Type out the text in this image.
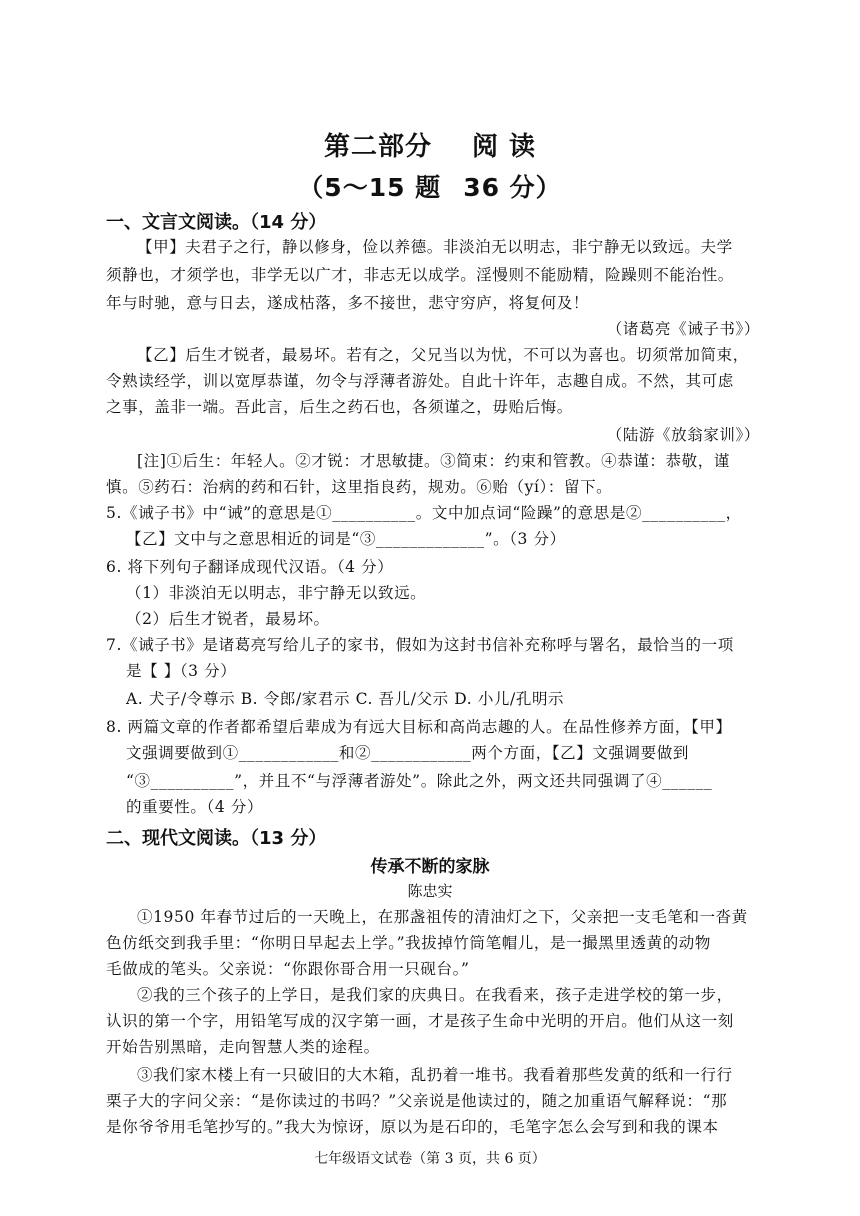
第二部分 阅 读
（5～15 题 36 分）
一、文言文阅读。（14 分）
【甲】夫君子之行，静以修身，俭以养德。非淡泊无以明志，非宁静无以致远。夫学
须静也，才须学也，非学无以广才，非志无以成学。淫慢则不能励精，险躁则不能治性。
年与时驰，意与日去，遂成枯落，多不接世，悲守穷庐，将复何及！
（诸葛亮《诫子书》）
【乙】后生才锐者，最易坏。若有之，父兄当以为忧，不可以为喜也。切须常加简束，
令熟读经学，训以宽厚恭谨，勿令与浮薄者游处。自此十许年，志趣自成。不然，其可虑
之事，盖非一端。吾此言，后生之药石也，各须谨之，毋贻后悔。
（陆游《放翁家训》）
[注]①后生：年轻人。②才锐：才思敏捷。③简束：约束和管教。④恭谨：恭敬，谨
慎。⑤药石：治病的药和石针，这里指良药，规劝。⑥贻（yí）：留下。
5.《诫子书》中“诫”的意思是①__________。文中加点词“险躁”的意思是②__________，
【乙】文中与之意思相近的词是“③_____________”。（3 分）
6. 将下列句子翻译成现代汉语。（4 分）
（1）非淡泊无以明志，非宁静无以致远。
（2）后生才锐者，最易坏。
7.《诫子书》是诸葛亮写给儿子的家书，假如为这封书信补充称呼与署名，最恰当的一项
是【 】（3 分）
A. 犬子/令尊示 B. 令郎/家君示 C. 吾儿/父示 D. 小儿/孔明示
8. 两篇文章的作者都希望后辈成为有远大目标和高尚志趣的人。在品性修养方面，【甲】
文强调要做到①____________和②____________两个方面，【乙】文强调要做到
“③__________”，并且不“与浮薄者游处”。除此之外，两文还共同强调了④______
的重要性。（4 分）
二、现代文阅读。（13 分）
传承不断的家脉
陈忠实
①1950 年春节过后的一天晚上，在那盏祖传的清油灯之下，父亲把一支毛笔和一沓黄
色仿纸交到我手里：“你明日早起去上学。”我拔掉竹筒笔帽儿，是一撮黑里透黄的动物
毛做成的笔头。父亲说：“你跟你哥合用一只砚台。”
②我的三个孩子的上学日，是我们家的庆典日。在我看来，孩子走进学校的第一步，
认识的第一个字，用铅笔写成的汉字第一画，才是孩子生命中光明的开启。他们从这一刻
开始告别黑暗，走向智慧人类的途程。
③我们家木楼上有一只破旧的大木箱，乱扔着一堆书。我看着那些发黄的纸和一行行
栗子大的字问父亲：“是你读过的书吗？”父亲说是他读过的，随之加重语气解释说：“那
是你爷爷用毛笔抄写的。”我大为惊讶，原以为是石印的，毛笔字怎么会写到和我的课本
七年级语文试卷（第 3 页，共 6 页）
